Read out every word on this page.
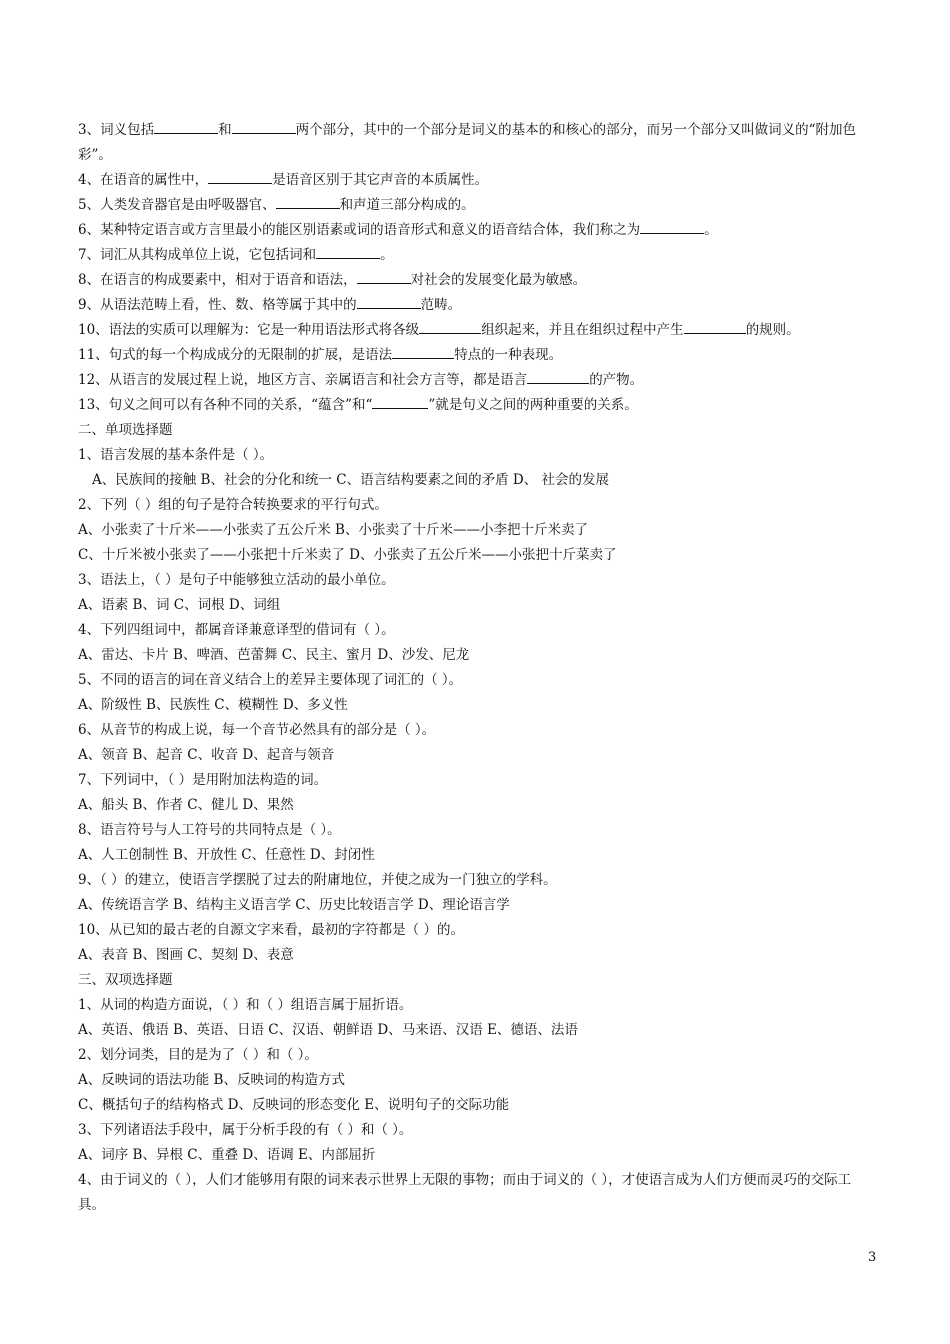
3、词义包括	和	两个部分，其中的一个部分是词义的基本的和核心的部分，而另一个部分又叫做词义的“附加色彩”。
4、在语音的属性中，	是语音区别于其它声音的本质属性。
5、人类发音器官是由呼吸器官、	和声道三部分构成的。
6、某种特定语言或方言里最小的能区别语素或词的语音形式和意义的语音结合体，我们称之为	。
7、词汇从其构成单位上说，它包括词和	。
8、在语言的构成要素中，相对于语音和语法，	对社会的发展变化最为敏感。
9、从语法范畴上看，性、数、格等属于其中的	范畴。
10、语法的实质可以理解为：它是一种用语法形式将各级	组织起来，并且在组织过程中产生	的规则。
11、句式的每一个构成成分的无限制的扩展，是语法	特点的一种表现。
12、从语言的发展过程上说，地区方言、亲属语言和社会方言等，都是语言	的产物。
13、句义之间可以有各种不同的关系，“蕴含”和“	”就是句义之间的两种重要的关系。
二、单项选择题
1、语言发展的基本条件是（ ）。
A、民族间的接触 B、社会的分化和统一 C、语言结构要素之间的矛盾 D、 社会的发展
2、下列（ ）组的句子是符合转换要求的平行句式。
A、小张卖了十斤米——小张卖了五公斤米 B、小张卖了十斤米——小李把十斤米卖了
C、十斤米被小张卖了——小张把十斤米卖了 D、小张卖了五公斤米——小张把十斤菜卖了
3、语法上，（ ）是句子中能够独立活动的最小单位。
A、语素 B、词 C、词根 D、词组
4、下列四组词中，都属音译兼意译型的借词有（ ）。
A、雷达、卡片 B、啤酒、芭蕾舞 C、民主、蜜月 D、沙发、尼龙
5、不同的语言的词在音义结合上的差异主要体现了词汇的（ ）。
A、阶级性 B、民族性 C、模糊性 D、多义性
6、从音节的构成上说，每一个音节必然具有的部分是（ ）。
A、领音 B、起音 C、收音 D、起音与领音
7、下列词中，（ ）是用附加法构造的词。
A、船头 B、作者 C、健儿 D、果然
8、语言符号与人工符号的共同特点是（ ）。
A、人工创制性 B、开放性 C、任意性 D、封闭性
9、（ ）的建立，使语言学摆脱了过去的附庸地位，并使之成为一门独立的学科。
A、传统语言学 B、结构主义语言学 C、历史比较语言学 D、理论语言学
10、从已知的最古老的自源文字来看，最初的字符都是（ ）的。
A、表音 B、图画 C、契刻 D、表意
三、双项选择题
1、从词的构造方面说，（ ）和（ ）组语言属于屈折语。
A、英语、俄语 B、英语、日语 C、汉语、朝鲜语 D、马来语、汉语 E、德语、法语
2、划分词类，目的是为了（ ）和（ ）。
A、反映词的语法功能 B、反映词的构造方式
C、概括句子的结构格式 D、反映词的形态变化 E、说明句子的交际功能
3、下列诸语法手段中，属于分析手段的有（ ）和（ ）。
A、词序 B、异根 C、重叠 D、语调 E、内部屈折
4、由于词义的（ ），人们才能够用有限的词来表示世界上无限的事物；而由于词义的（ ），才使语言成为人们方便而灵巧的交际工具。
3
